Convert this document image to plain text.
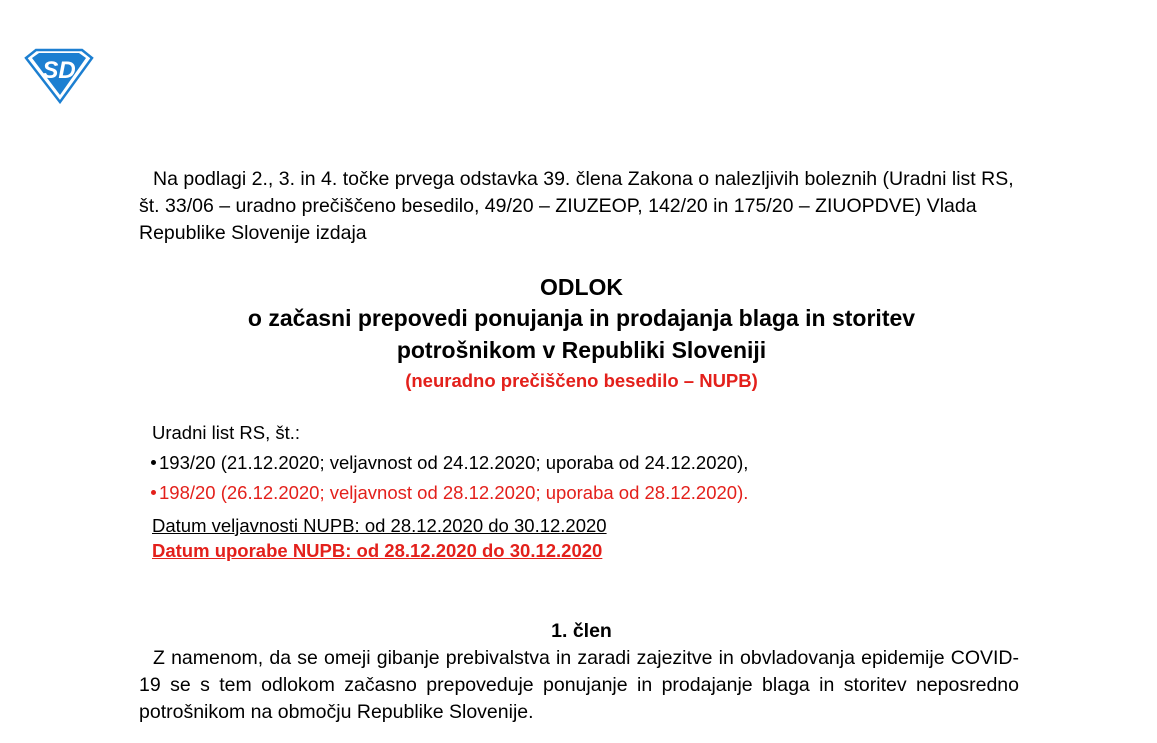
SD

Na podlagi 2., 3. in 4. točke prvega odstavka 39. člena Zakona o nalezljivih boleznih (Uradni list RS, št. 33/06 – uradno prečiščeno besedilo, 49/20 – ZIUZEOP, 142/20 in 175/20 – ZIUOPDVE) Vlada Republike Slovenije izdaja

ODLOK
o začasni prepovedi ponujanja in prodajanja blaga in storitev
potrošnikom v Republiki Sloveniji
(neuradno prečiščeno besedilo – NUPB)
Uradni list RS, št.:
193/20 (21.12.2020; veljavnost od 24.12.2020; uporaba od 24.12.2020),
198/20 (26.12.2020; veljavnost od 28.12.2020; uporaba od 28.12.2020).
Datum veljavnosti NUPB: od 28.12.2020 do 30.12.2020
Datum uporabe NUPB: od 28.12.2020 do 30.12.2020
1. člen

Z namenom, da se omeji gibanje prebivalstva in zaradi zajezitve in obvladovanja epidemije COVID-19 se s tem odlokom začasno prepoveduje ponujanje in prodajanje blaga in storitev neposredno potrošnikom na območju Republike Slovenije.
